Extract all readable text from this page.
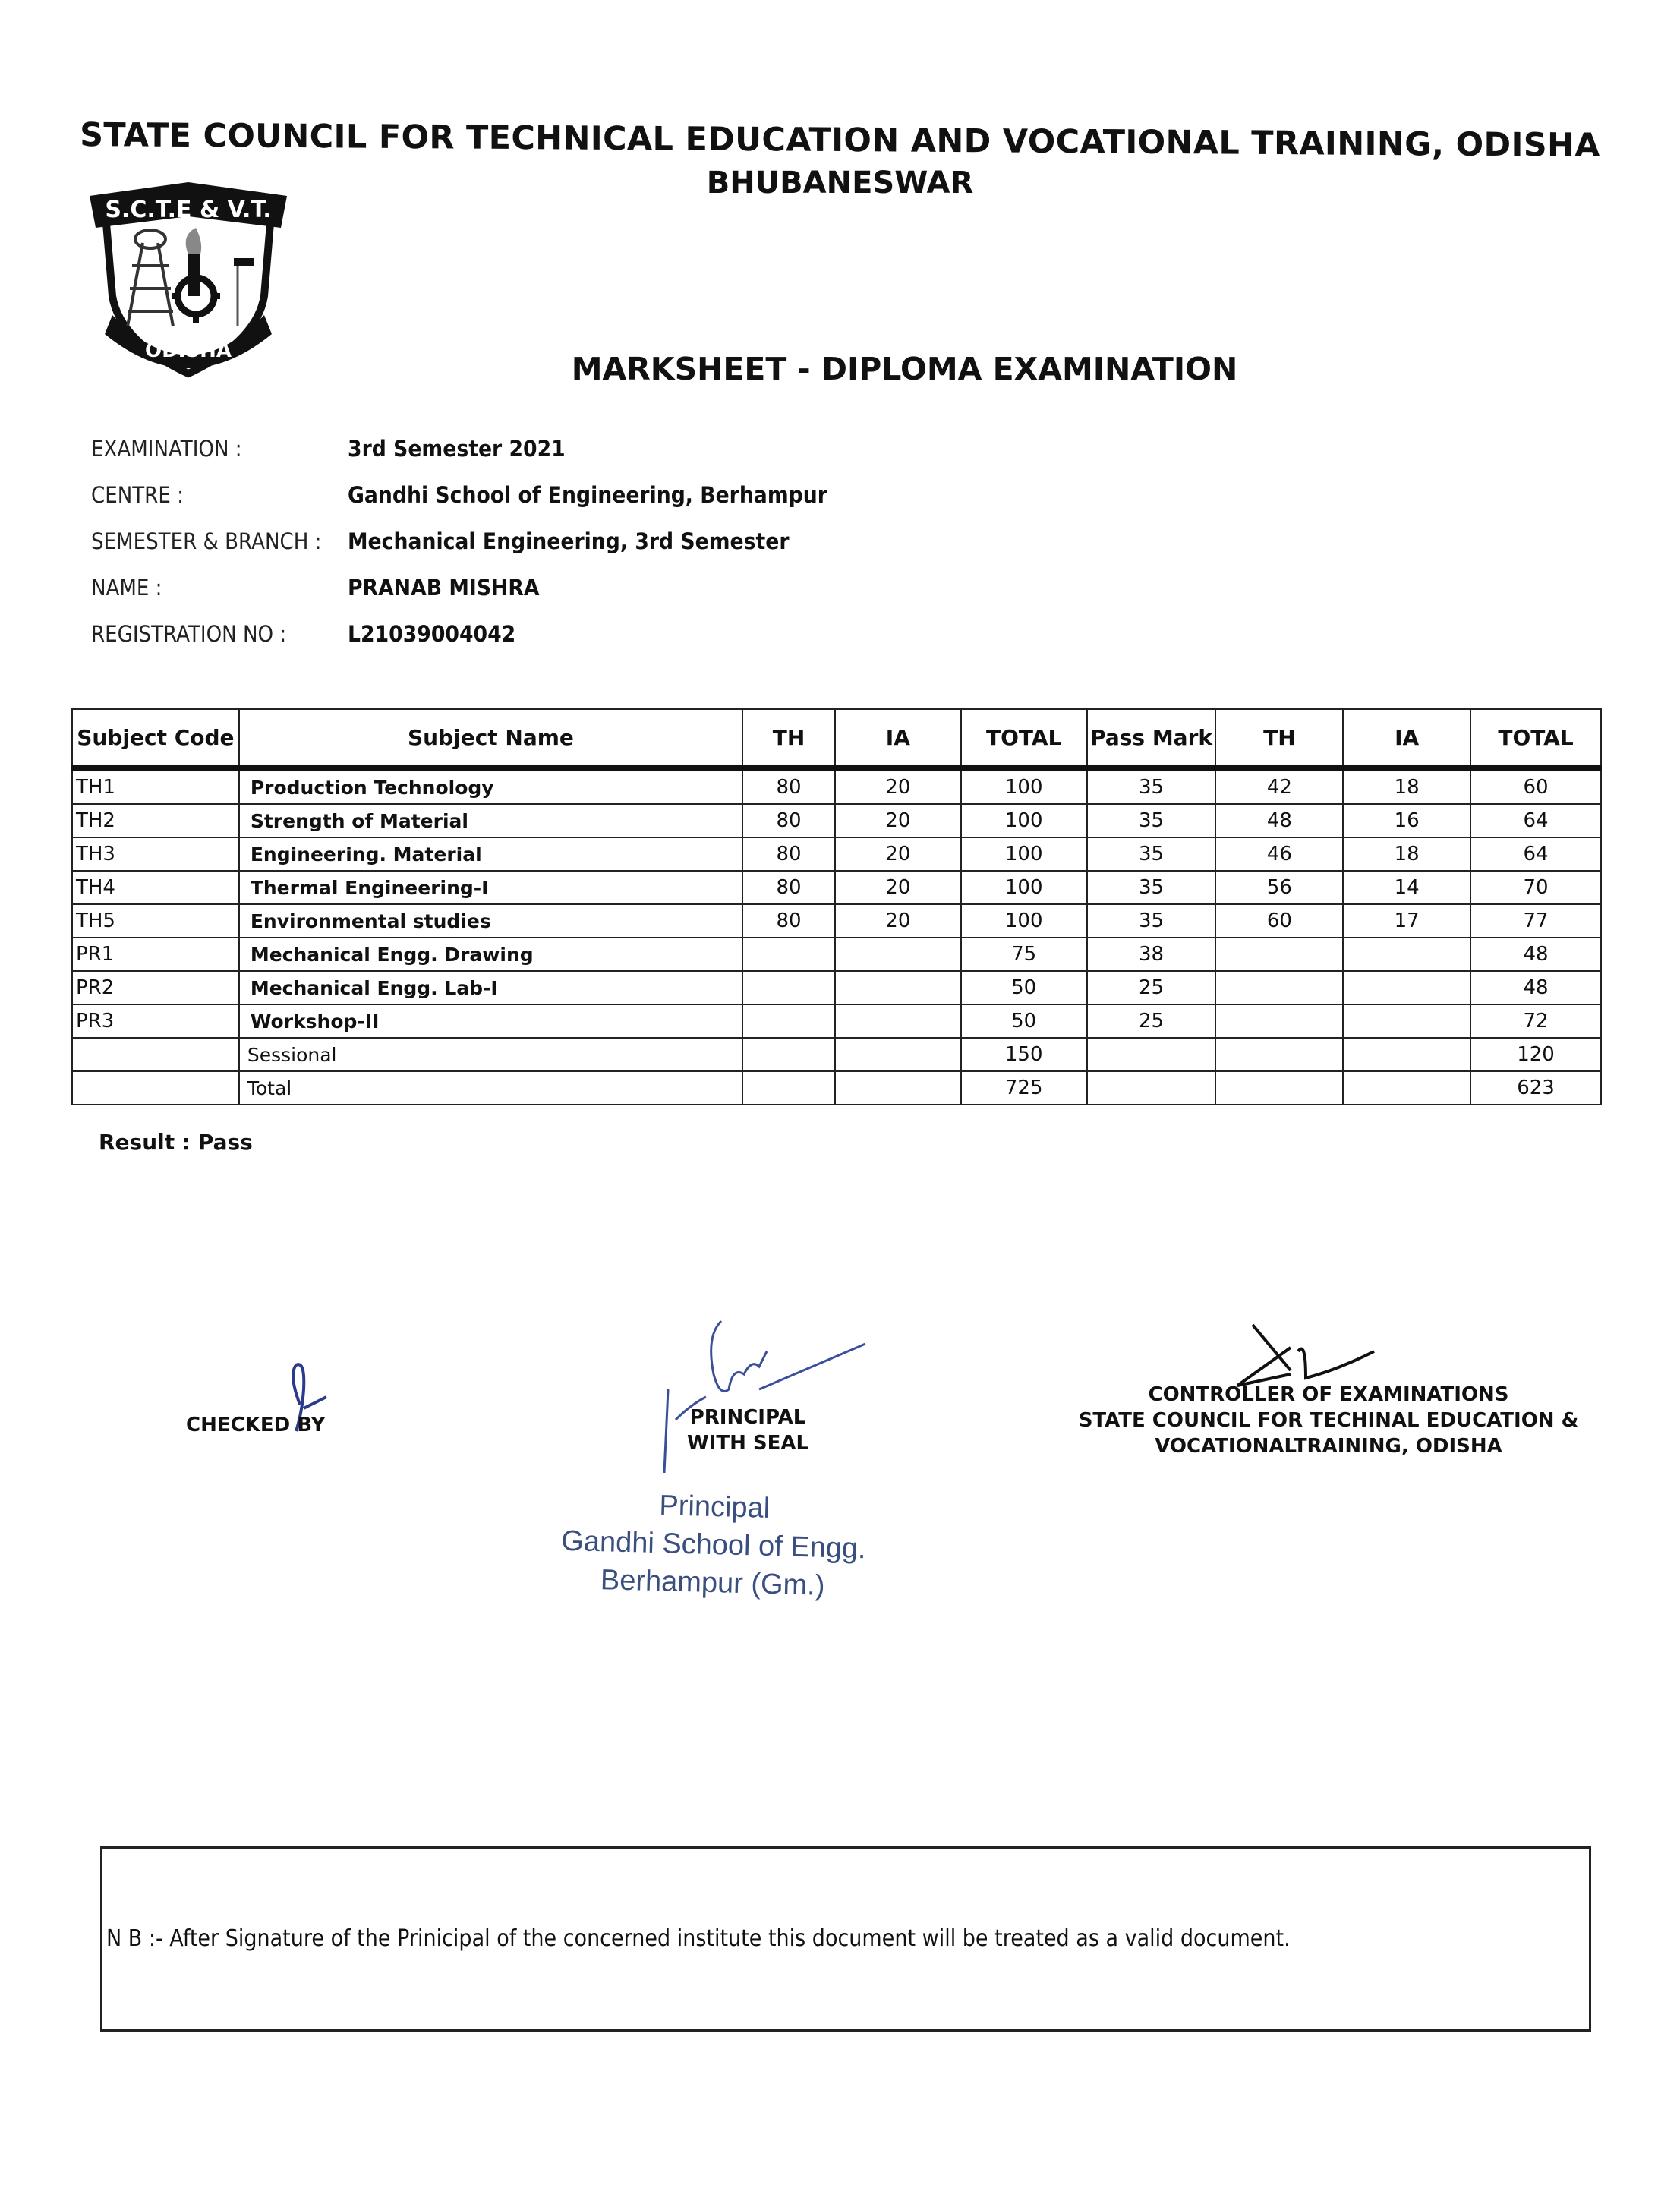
STATE COUNCIL FOR TECHNICAL EDUCATION AND VOCATIONAL TRAINING, ODISHA
BHUBANESWAR
S.C.T.E & V.T.
ODISHA	MARKSHEET - DIPLOMA EXAMINATION
EXAMINATION :	3rd Semester 2021
CENTRE :	Gandhi School of Engineering, Berhampur
SEMESTER & BRANCH : Mechanical Engineering, 3rd Semester
NAME :	PRANAB MISHRA
REGISTRATION NO :	L21039004042
Subject Code	Subject Name	TH	IA	TOTAL	Pass Mark	TH	IA	TOTAL
TH1	Production Technology	80	20	100	35	42	18	60
TH2	Strength of Material	80	20	100	35	48	16	64
TH3	Engineering. Material	80	20	100	35	46	18	64
TH4	Thermal Engineering-I	80	20	100	35	56	14	70
TH5	Environmental studies	80	20	100	35	60	17	77
PR1	Mechanical Engg. Drawing			75	38			48
PR2	Mechanical Engg. Lab-I			50	25			48
PR3	Workshop-II			50	25			72
	Sessional			150				120
	Total			725				623
Result : Pass
CHECKED BY	PRINCIPAL
WITH SEAL
Principal
Gandhi School of Engg.
Berhampur (Gm.)
CONTROLLER OF EXAMINATIONS
STATE COUNCIL FOR TECHINAL EDUCATION &
VOCATIONALTRAINING, ODISHA
N B :- After Signature of the Prinicipal of the concerned institute this document will be treated as a valid document.
